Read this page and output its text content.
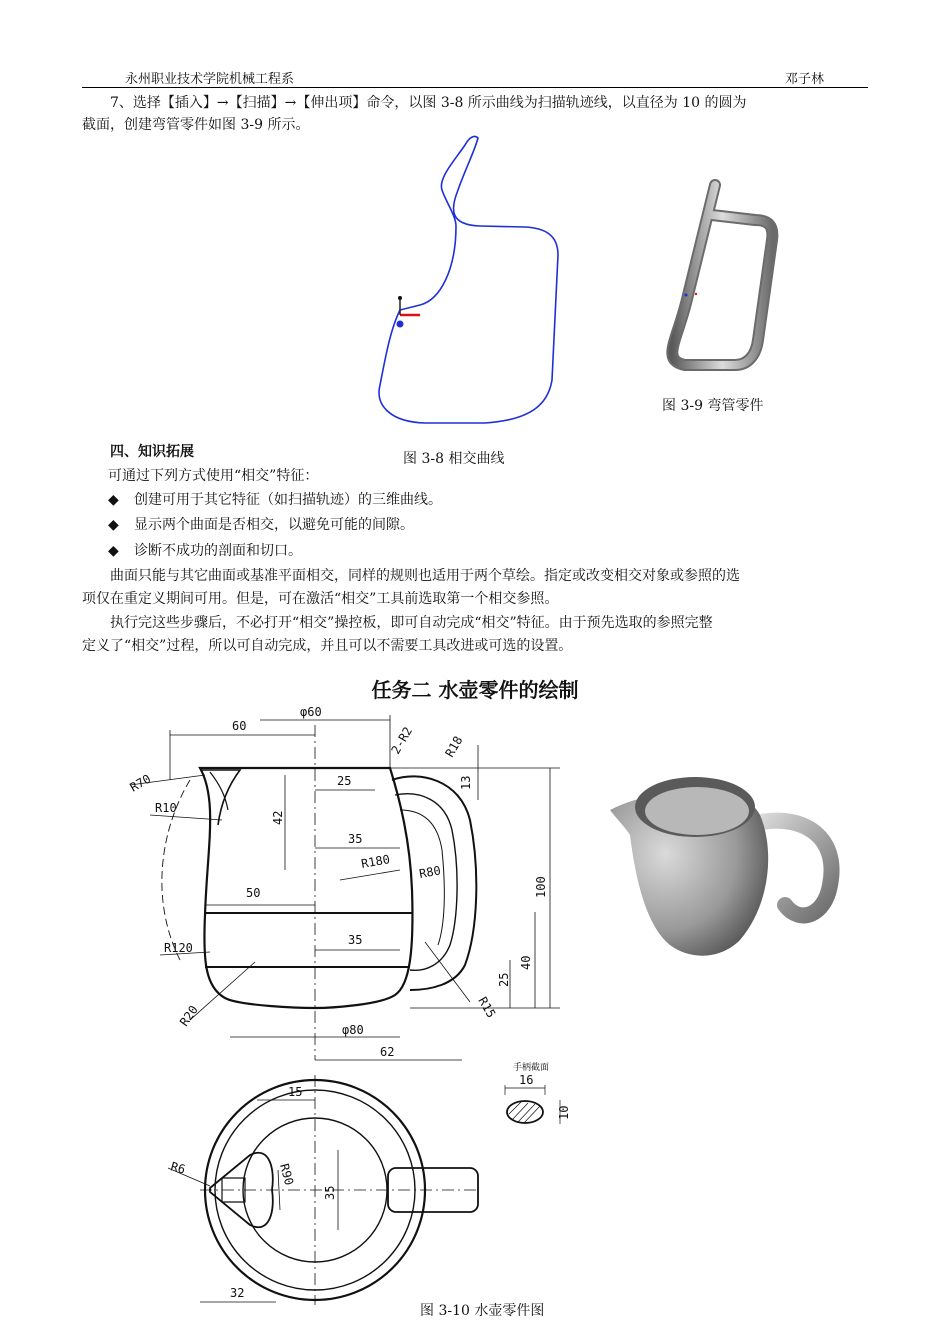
永州职业技术学院机械工程系	邓子林

7、选择【插入】→【扫描】→【伸出项】命令，以图 3-8 所示曲线为扫描轨迹线，以直径为 10 的圆为

截面，创建弯管零件如图 3-9 所示。

图 3-8 相交曲线
图 3-9 弯管零件
四、知识拓展
可通过下列方式使用“相交”特征：
◆ 创建可用于其它特征（如扫描轨迹）的三维曲线。
◆ 显示两个曲面是否相交，以避免可能的间隙。
◆ 诊断不成功的剖面和切口。

曲面只能与其它曲面或基准平面相交，同样的规则也适用于两个草绘。指定或改变相交对象或参照的选

项仅在重定义期间可用。但是，可在激活“相交”工具前选取第一个相交参照。

执行完这些步骤后，不必打开“相交”操控板，即可自动完成“相交”特征。由于预先选取的参照完整

定义了“相交”过程，所以可自动完成，并且可以不需要工具改进或可选的设置。

任务二 水壶零件的绘制
60
φ60
2-R2 R18
R70
R10
25	13
42
35
R180
R80
50	100
35
R120
40
R15
25
R20
φ80
62
手柄截面
16
10
15
R6	R90
35
32
图 3-10 水壶零件图
